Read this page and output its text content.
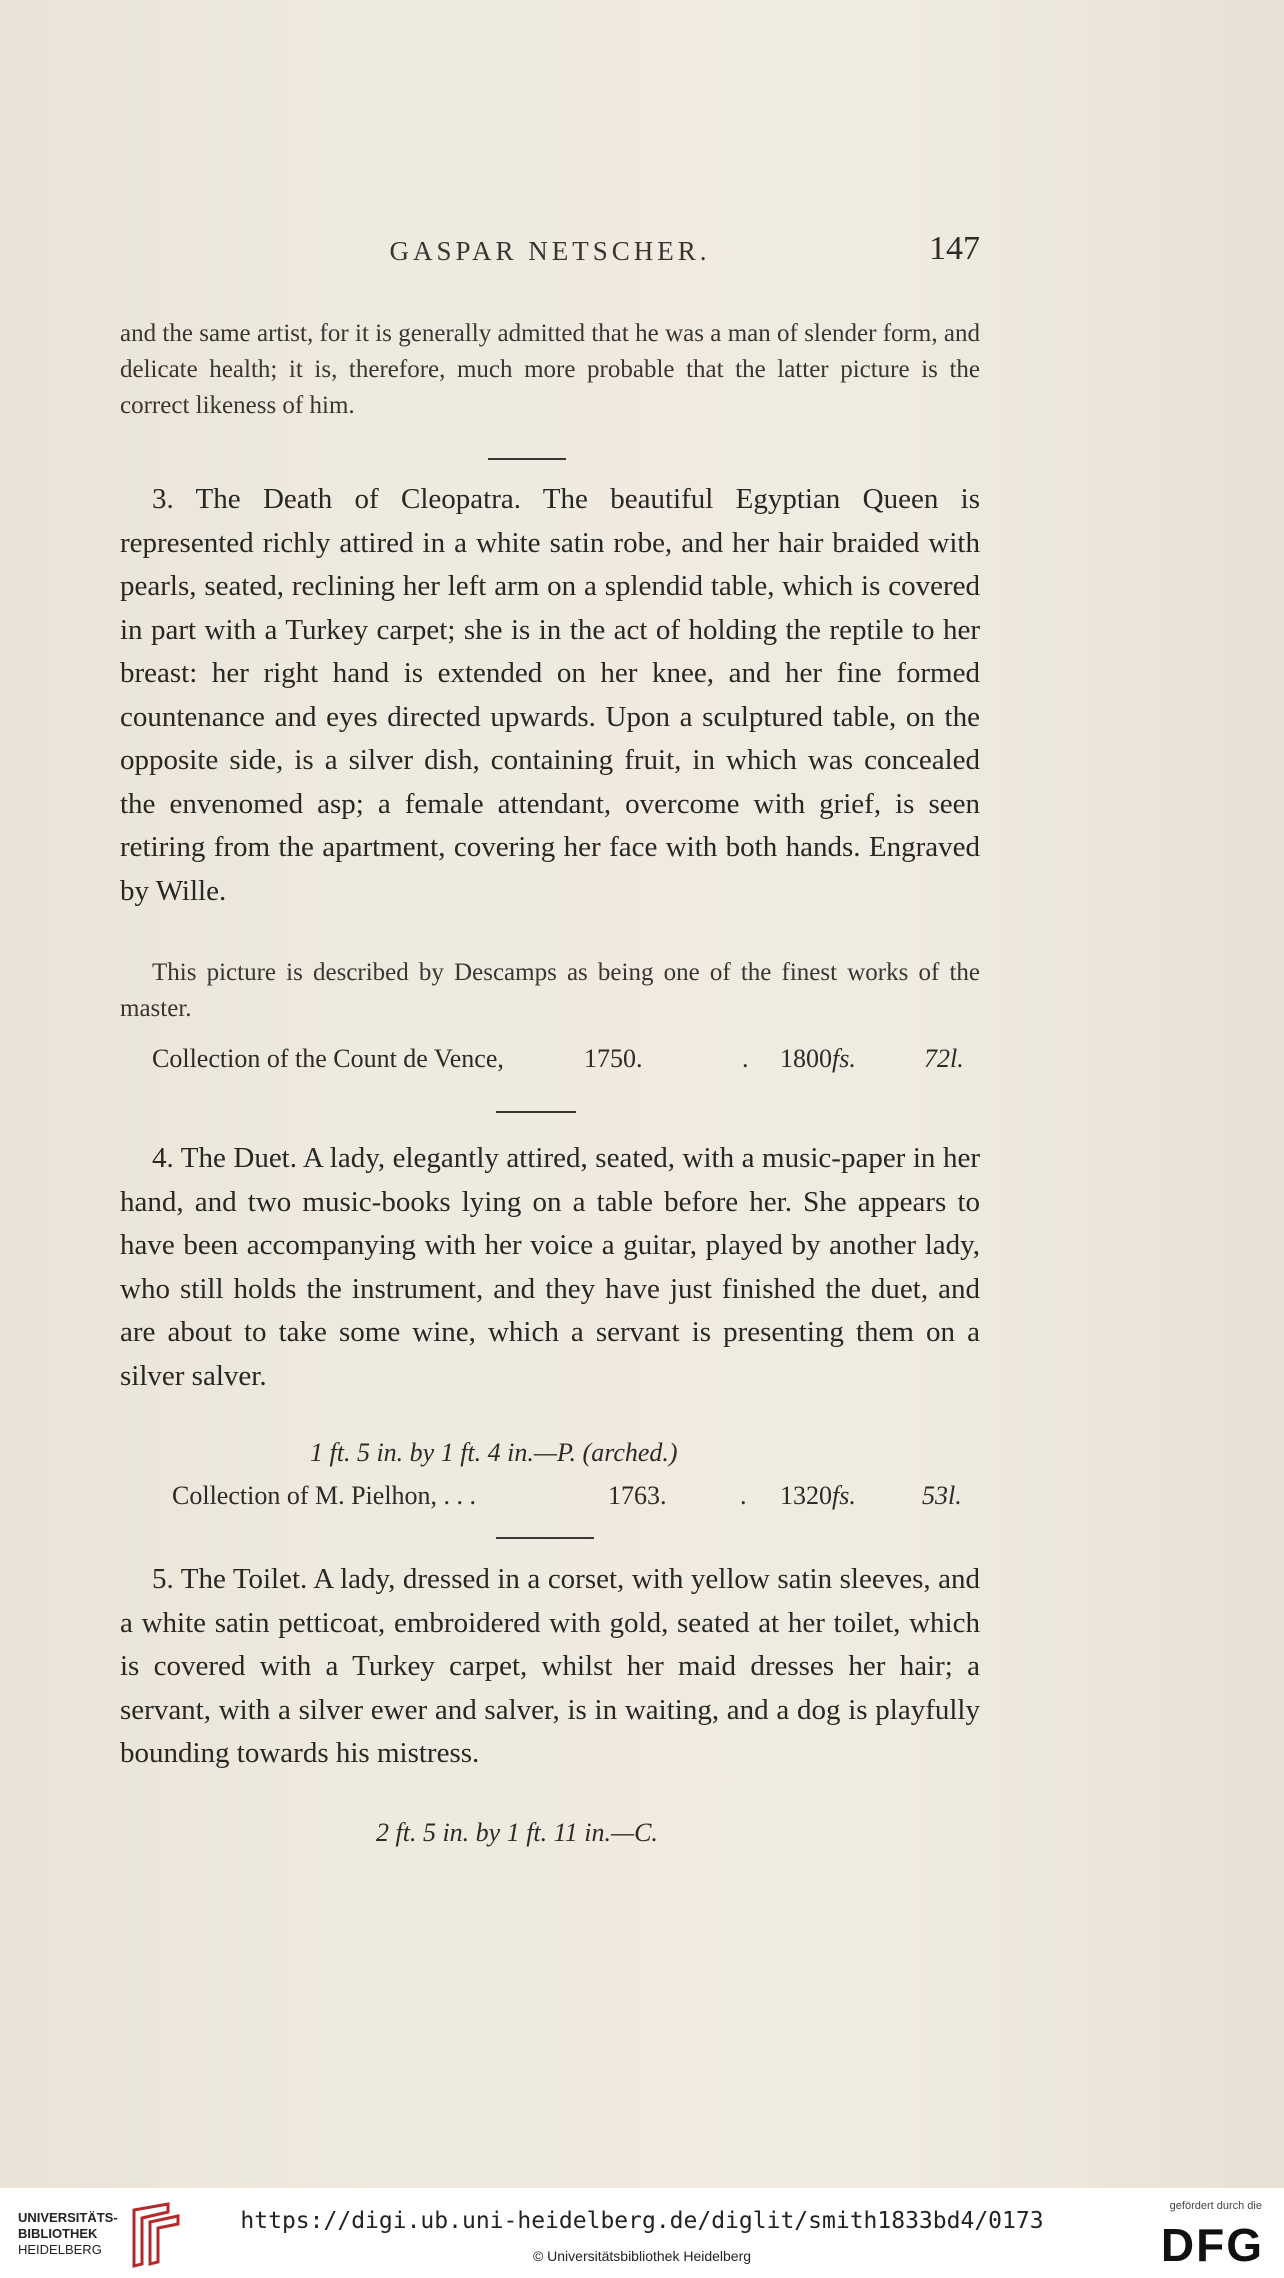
GASPAR NETSCHER.	147

and the same artist, for it is generally admitted that he was a man of slender form, and delicate health; it is, therefore, much more probable that the latter picture is the correct likeness of him.

3. The Death of Cleopatra. The beautiful Egyptian Queen is represented richly attired in a white satin robe, and her hair braided with pearls, seated, reclining her left arm on a splendid table, which is covered in part with a Turkey carpet; she is in the act of holding the reptile to her breast: her right hand is extended on her knee, and her fine formed countenance and eyes directed upwards. Upon a sculptured table, on the opposite side, is a silver dish, containing fruit, in which was concealed the envenomed asp; a female attendant, overcome with grief, is seen retiring from the apartment, covering her face with both hands. Engraved by Wille.

This picture is described by Descamps as being one of the finest works of the master.

Collection of the Count de Vence,	1750.	. 1800fs.	72l.

4. The Duet. A lady, elegantly attired, seated, with a music-paper in her hand, and two music-books lying on a table before her. She appears to have been accompanying with her voice a guitar, played by another lady, who still holds the instrument, and they have just finished the duet, and are about to take some wine, which a servant is presenting them on a silver salver.

1 ft. 5 in. by 1 ft. 4 in.—P. (arched.)
Collection of M. Pielhon, . . .	1763.	. 1320fs.	53l.

5. The Toilet. A lady, dressed in a corset, with yellow satin sleeves, and a white satin petticoat, embroidered with gold, seated at her toilet, which is covered with a Turkey carpet, whilst her maid dresses her hair; a servant, with a silver ewer and salver, is in waiting, and a dog is playfully bounding towards his mistress.

2 ft. 5 in. by 1 ft. 11 in.—C.
UNIVERSITÄTS-
BIBLIOTHEK
HEIDELBERG
https://digi.ub.uni-heidelberg.de/diglit/smith1833bd4/0173
© Universitätsbibliothek Heidelberg
gefördert durch die
DFG
